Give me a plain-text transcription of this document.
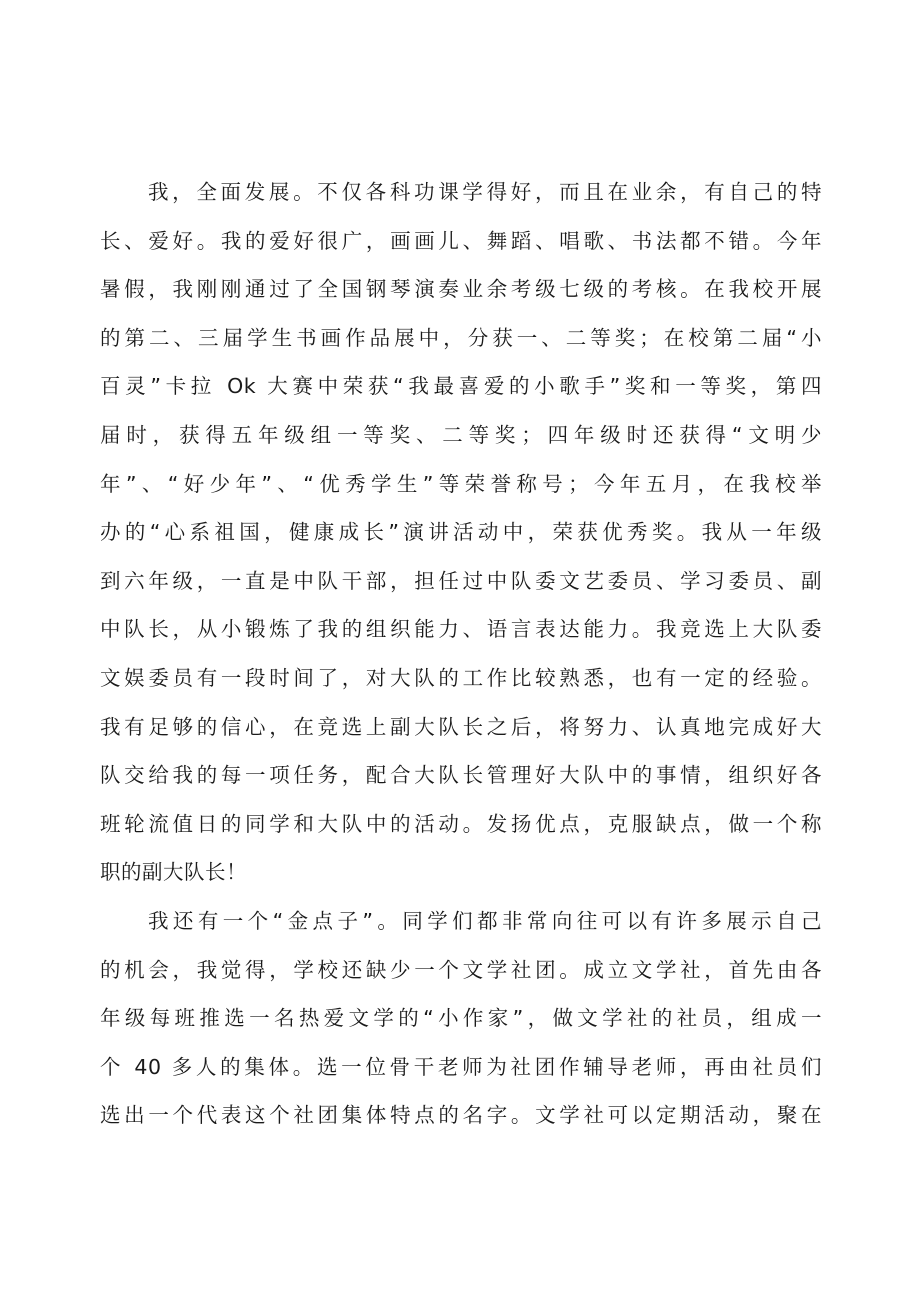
我，全面发展。不仅各科功课学得好，而且在业余，有自己的特
长、爱好。我的爱好很广，画画儿、舞蹈、唱歌、书法都不错。今年
暑假，我刚刚通过了全国钢琴演奏业余考级七级的考核。在我校开展
的第二、三届学生书画作品展中，分获一、二等奖；在校第二届“小
百灵”卡拉 Ok 大赛中荣获“我最喜爱的小歌手”奖和一等奖，第四
届时，获得五年级组一等奖、二等奖；四年级时还获得“文明少
年”、“好少年”、“优秀学生”等荣誉称号；今年五月，在我校举
办的“心系祖国，健康成长”演讲活动中，荣获优秀奖。我从一年级
到六年级，一直是中队干部，担任过中队委文艺委员、学习委员、副
中队长，从小锻炼了我的组织能力、语言表达能力。我竞选上大队委
文娱委员有一段时间了，对大队的工作比较熟悉，也有一定的经验。
我有足够的信心，在竞选上副大队长之后，将努力、认真地完成好大
队交给我的每一项任务，配合大队长管理好大队中的事情，组织好各
班轮流值日的同学和大队中的活动。发扬优点，克服缺点，做一个称
职的副大队长！
我还有一个“金点子”。同学们都非常向往可以有许多展示自己
的机会，我觉得，学校还缺少一个文学社团。成立文学社，首先由各
年级每班推选一名热爱文学的“小作家”，做文学社的社员，组成一
个 40 多人的集体。选一位骨干老师为社团作辅导老师，再由社员们
选出一个代表这个社团集体特点的名字。文学社可以定期活动，聚在
